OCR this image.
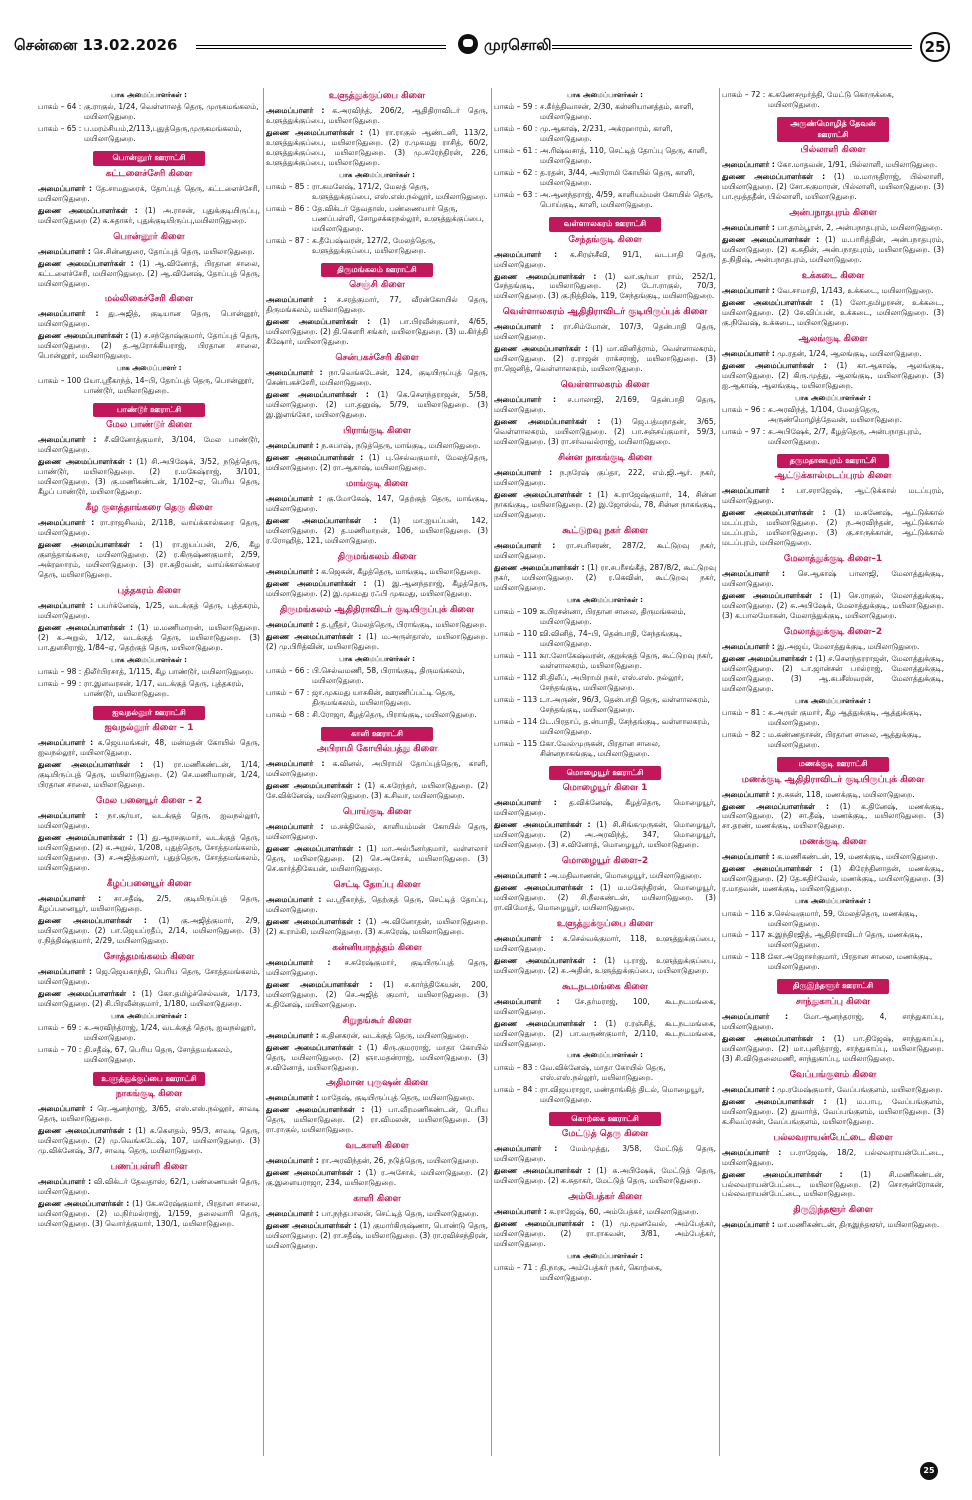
சென்னை 13.02.2026	முரசொலி	25
பாக அமைப்பாளர்கள் :
பாகம் – 64 : கு.ராகுல், 1/24, வெள்ளாலத் தெரு, முருகமங்கலம், மயிலாடுதுறை.
பாகம் – 65 : ப.மரம்சியம்,2/113,புதுத்தெரு,முருகமங்கலம், மயிலாடுதுறை.
பொன்னூர் ஊராட்சி
கட்டளைச்சேரி கிளை
அமைப்பாளர் : தே.சாமதுரைக், தோப்புத் தெரு, கட்டளைச்சேரி, மயிலாடுதுறை.
துணை அமைப்பாளர்கள் : (1) அ.ராசன், புதுக்குடியிருப்பு, மயிலாடுதுறை (2) க.சுதாகர், புதுக்குடியிருப்பு,மயிலாடுதுறை.
பொன்னூர் கிளை
அமைப்பாளர் : செ.சின்னதுரை, தோப்புத் தெரு, மயிலாடுதுறை.
துணை அமைப்பாளர்கள் : (1) ஆ.வினோத், பிரதான சாலை, கட்டளைச்சேரி, மயிலாடுதுறை. (2) ஆ.வினேஷ், தோப்புத் தெரு, மயிலாடுதுறை.
மல்லிகைச்சேரி கிளை
அமைப்பாளர் : து.அஜித், குடியான தெரு, பொன்னூர், மயிலாடுதுறை.
துணை அமைப்பாளர்கள் : (1) ச.சந்தோஷ்குமார், தோப்புத் தெரு, மயிலாடுதுறை. (2) த.ஆரோக்கியராஜ், பிரதான சாலை, பொன்னூர், மயிலாடுதுறை.
பாக அமைப்பாளர் :
பாகம் – 100 :
யோ.ஸ்ரீகாந்த், 14–பி, தோப்புத் தெரு, பொன்னூர், பாண்டூர், மயிலாடுதுறை.
பாண்டூர் ஊராட்சி
மேல பாண்டூர் கிளை
அமைப்பாளர் : சீ.வினோத்குமார், 3/104, மேல பாண்டூர், மயிலாடுதுறை.
துணை அமைப்பாளர்கள் : (1) சி.அபிஷேக், 3/52, நடுத்தெரு, பாண்டூர், மயிலாடுதுறை. (2) ர.மகேஷ்ராஜ், 3/101, மயிலாடுதுறை. (3) கு.மணிகண்டன், 1/102–ஏ, பெரிய தெரு, கீழப் பாண்டூர், மயிலாடுதுறை.
கீழ குளத்தாங்கரை தெரு கிளை
அமைப்பாளர் : ரா.ராஜசிவம், 2/118, வாய்க்கால்கரை தெரு, மயிலாடுதுறை.
துணை அமைப்பாளர்கள் : (1) ரா.ஐயப்பன், 2/6, கீழ குளத்தாங்கரை, மயிலாடுதுறை. (2) ர.கிருஷ்ணகுமார், 2/59, அக்ரஹாரம், மயிலாடுதுறை. (3) ரா.கதிரவன், வாய்க்கால்கரை தெரு, மயிலாடுதுறை.
புத்தகரம் கிளை
அமைப்பாளர் : பபர்க்னேஷ், 1/25, வடக்குத் தெரு, புத்தகரம், மயிலாடுதுறை.
துணை அமைப்பாளர்கள் : (1) ம.மணிமாறன், மயிலாடுதுறை. (2) சு.அறுல், 1/12, வடக்குத் தெரு, மயிலாடுதுறை. (3) பா.துளசிராஜ், 1/84–ஏ, தெற்குத் தெரு, மயிலாடுதுறை.
பாக அமைப்பாளர்கள் :
பாகம் – 98 : திலீர்பிரசாத், 1/115, கீழ பாண்டூர், மயிலாடுதுறை.
பாகம் – 99 : ரா.இளவரசன், 1/17, வடக்குத் தெரு, புத்தகரம், பாண்டூர், மயிலாடுதுறை.
ஐவநல்லூர் ஊராட்சி
ஐவநல்லூர் கிளை – 1
அமைப்பாளர் : க.ஜெயமங்கள், 48, மன்மதன் கோயில் தெரு, ஐவநல்லூர், மயிலாடுதுறை.
துணை அமைப்பாளர்கள் : (1) ரா.மணிகண்டன், 1/14, குடியிருப்புத் தெரு, மயிலாடுதுறை. (2) செ.மணிமாறன், 1/24, பிரதான சாலை, மயிலாடுதுறை.
மேல பனையூர் கிளை – 2
அமைப்பாளர் : நா.சூர்யா, வடக்குத் தெரு, ஐவநல்லூர், மயிலாடுதுறை.
துணை அமைப்பாளர்கள் : (1) து.ஆரசகுமார், வடக்குத் தெரு, மயிலாடுதுறை. (2) க.அறுல், 1/208, புதுத்தெரு, சோத்தமங்கலம், மயிலாடுதுறை. (3) ச.அஜித்குமார், புதுத்தெரு, சோத்தமங்கலம், மயிலாடுதுறை.
கீழப்பனையூர் கிளை
அமைப்பாளர் : சா.சதீஷ், 2/5, குடியிருப்புத் தெரு, கீழப்பனையூர், மயிலாடுதுறை.
துணை அமைப்பாளர்கள் : (1) கு.அஜித்குமார், 2/9, மயிலாடுதுறை. (2) பா.ஜெயப்ரதீப், 2/14, மயிலாடுதுறை. (3) ர.நித்திஷ்குமார், 2/29, மயிலாடுதுறை.
சோத்தமங்கலம் கிளை
அமைப்பாளர் : ஜெ.ஜெயகாந்தி, பெரிய தெரு, சோத்தமங்கலம், மயிலாடுதுறை.
துணை அமைப்பாளர்கள் : (1) கோ.தமிழ்ச்செல்வன், 1/173, மயிலாடுதுறை. (2) சி.பிரவீன்குமார், 1/180, மயிலாடுதுறை.
பாக அமைப்பாளர்கள் :
பாகம் – 69 : சு.அரவிந்த்ராஜ், 1/24, வடக்குத் தெரு, ஐவநல்லூர், மயிலாடுதுறை.
பாகம் – 70 : தி.சதீஷ், 67, பெரிய தெரு, சோத்தமங்கலம், மயிலாடுதுறை.
உளுத்துக்குப்பை ஊராட்சி
நாகங்குடி கிளை
அமைப்பாளர் : ரெ.ஆனந்ராஜ், 3/65, எஸ்.எஸ்.நல்லூர், சாவடி தெரு, மயிலாடுதுறை.
துணை அமைப்பாளர்கள் : (1) க.கௌதம், 95/3, சாவடி தெரு, மயிலாடுதுறை. (2) மு.வெங்கடேஷ், 107, மயிலாடுதுறை. (3) மு.விக்னேஷ், 3/7, சாவடி தெரு, மயிலாடுதுறை.
பணப்பள்ளி கிளை
அமைப்பாளர் : வி.விக்டர் தேவதாஸ், 62/1, பண்ணையன் தெரு, மயிலாடுதுறை.
துணை அமைப்பாளர்கள் : (1) கே.சுரேஷ்குமார், பிரதான சாலை, மயிலாடுதுறை. (2) ம.நிர்மல்ராஜ், 1/159, தலைவாரி தெரு, மயிலாடுதுறை. (3) வொர்த்குமார், 130/1, மயிலாடுதுறை.
உளுத்துக்குப்பை கிளை
அமைப்பாளர் : க.அரவிந்த், 206/2, ஆதிதிராவிடர் தெரு, உளுத்துக்குப்பை, மயிலாடுதுறை.
துணை அமைப்பாளர்கள் : (1) ரா.ராகுல் ஆண்டனி, 113/2, உளுத்துக்குப்பை, மயிலாடுதுறை. (2) ர.முகமது ராசித், 60/2, உளுத்துக்குப்பை, மயிலாடுதுறை. (3) மு.சுரேந்திரன், 226, உளுத்துக்குப்பை, மயிலாடுதுறை.
பாக அமைப்பாளர்கள் :
பாகம் – 85 : ரா.கமலேஷ், 171/2, மேலத் தெரு, உளுத்துக்குப்பை, எஸ்.எஸ்.நல்லூர், மயிலாடுதுறை.
பாகம் – 86 : தே.விக்டர் தேவதாஸ், பண்ணையார் தெரு, பணப்பள்ளி, சோழசக்கரநல்லூர், உளுத்துக்குப்பை, மயிலாடுதுறை.
பாகம் – 87 : க.தீபேஷ்வரன், 127/2, மேலத்தெரு, உளுத்துக்குப்பை, மயிலாடுதுறை.
திருமங்கலம் ஊராட்சி
செஞ்சி கிளை
அமைப்பாளர் : ச.சரத்குமார், 77, வீரன்கோயில் தெரு, திருமங்கலம், மயிலாடுதுறை.
துணை அமைப்பாளர்கள் : (1) பா.பிரவீன்குமார், 4/65, மயிலாடுதுறை. (2) தி.கௌரி சங்கர், மயிலாடுதுறை. (3) ம.கிர்த்தி கீஷோர், மயிலாடுதுறை.
சென்பகச்சேரி கிளை
அமைப்பாளர் : நா.வெங்கடேசன், 124, குடியிருப்புத் தெரு, செண்பகச்சேரி, மயிலாடுதுறை.
துணை அமைப்பாளர்கள் : (1) கெ.செளந்தராஜன், 5/58, மயிலாடுதுறை. (2) பா.தனுஷ், 5/79, மயிலாடுதுறை. (3) இ.இளங்கோ, மயிலாடுதுறை.
பிராங்குடி கிளை
அமைப்பாளர் : ந.சுபாஷ், நடுத்தெரு, மாங்குடி, மயிலாடுதுறை.
துணை அமைப்பாளர்கள் : (1) பு.செல்வகுமார், மேலத்தெரு, மயிலாடுதுறை. (2) ரா.ஆகாஷ், மயிலாடுதுறை.
மாங்குடி கிளை
அமைப்பாளர் : கு.மோகேஷ், 147, தெற்குத் தெரு, மாங்குடி, மயிலாடுதுறை.
துணை அமைப்பாளர்கள் : (1) மா.ஐயப்பன், 142, மயிலாடுதுறை. (2) த.மணிமாறன், 106, மயிலாடுதுறை. (3) ர.ரோஹித், 121, மயிலாடுதுறை.
திருமங்கலம் கிளை
அமைப்பாளர் : க.ஜெகன், கீழத்தெரு, மாங்குடி, மயிலாடுதுறை.
துணை அமைப்பாளர்கள் : (1) இ.ஆனந்தராஜ், கீழத்தெரு, மயிலாடுதுறை. (2) இ.முகமது ரஃபி முகமது, மயிலாடுதுறை.
திருமங்கலம் ஆதிதிராவிடர் குடியிருப்புக் கிளை
அமைப்பாளர் : த.ஸ்ரீதர், மேலத்தெரு, பிராங்குடி, மயிலாடுதுறை.
துணை அமைப்பாளர்கள் : (1) ம.அருள்தாஸ், மயிலாடுதுறை. (2) மு.பிரித்வின், மயிலாடுதுறை.
பாக அமைப்பாளர்கள் :
பாகம் – 66 : பி.செல்வமணி, 58, பிராங்குடி, திருமங்கலம், மயிலாடுதுறை.
பாகம் – 67 : ஜா.முகமது யாசகின், ஊரணிப்பட்டி தெரு, திருமங்கலம், மயிலாடுதுறை.
பாகம் – 68 : சி.ரோஜா, கீழத்தெரு, பிராங்குடி, மயிலாடுதுறை.
காளி ஊராட்சி
அபிராமி கோயில்பத்து கிளை
அமைப்பாளர் : க.வினல், அபிராமி தோப்புத்தெரு, காளி, மயிலாடுதுறை.
துணை அமைப்பாளர்கள் : (1) க.சுரேந்தர், மயிலாடுதுறை. (2) சே.விக்னேஷ், மயிலாடுதுறை. (3) க.சிவா, மயிலாடுதுறை.
பொய்குடி கிளை
அமைப்பாளர் : ம.சக்திவேல், காளியம்மன் கோயில் தெரு, மயிலாடுதுறை.
துணை அமைப்பாளர்கள் : (1) மா.அல்பீனர்குமார், வள்ளலார் தெரு, மயிலாடுதுறை. (2) செ.அசோக், மயிலாடுதுறை. (3) செ.கார்த்திகேயன், மயிலாடுதுறை.
செட்டி தோப்பு கிளை
அமைப்பாளர் : வ.ஸ்ரீகாந்த், தெற்குத் தெரு, செட்டித் தோப்பு, மயிலாடுதுறை.
துணை அமைப்பாளர்கள் : (1) அ.வினோதன், மயிலாடுதுறை. (2) க.ராம்கி, மயிலாடுதுறை. (3) சு.சுரேஷ், மயிலாடுதுறை.
கன்னியாநத்தம் கிளை
அமைப்பாளர் : ச.சுரேஷ்குமார், குடியிருப்புத் தெரு, மயிலாடுதுறை.
துணை அமைப்பாளர்கள் : (1) ச.கார்த்திகேயன், 200, மயிலாடுதுறை. (2) செ.அஜித் குமார், மயிலாடுதுறை. (3) க.தினேஷ், மயிலாடுதுறை.
சிறுநங்கூர் கிளை
அமைப்பாளர் : க.தினகரன், வடக்குத் தெரு, மயிலாடுதுறை.
துணை அமைப்பாளர்கள் : (1) கிரு.குமரராஜ், மாதா கோயில் தெரு, மயிலாடுதுறை. (2) ஞா.மதன்ராஜ், மயிலாடுதுறை. (3) ச.வினோத், மயிலாடுதுறை.
அதிமான புருஷன் கிளை
அமைப்பாளர் : மாதேஷ், குடியிருப்புத் தெரு, மயிலாடுதுறை.
துணை அமைப்பாளர்கள் : (1) பா.வீரமணிகண்டன், பெரிய தெரு, மயிலாடுதுறை. (2) ரா.விமலன், மயிலாடுதுறை. (3) ரா.ராகுல், மயிலாடுதுறை.
வடகாளி கிளை
அமைப்பாளர் : ரா.அரவிந்தன், 26, நடுத்தெரு, மயிலாடுதுறை.
துணை அமைப்பாளர்கள் : (1) ர.அசோக், மயிலாடுதுறை. (2) கு.இளையராஜா, 234, மயிலாடுதுறை.
காளி கிளை
அமைப்பாளர் : பா.நந்தபாலன், செட்டித் தெரு, மயிலாடுதுறை.
துணை அமைப்பாளர்கள் : (1) குமார்கிருஷ்ணா, பொண்டு தெரு, மயிலாடுதுறை. (2) ரா.சதீஷ், மயிலாடுதுறை. (3) ரா.ரவிச்சந்திரன், மயிலாடுதுறை.
பாக அமைப்பாளர்கள் :
பாகம் – 59 : ச.கீர்த்திவாசன், 2/30, கன்னியானத்தம், காளி, மயிலாடுதுறை.
பாகம் – 60 : மு.ஆகாஷ், 2/231, அக்ரஹாரம், காளி, மயிலாடுதுறை.
பாகம் – 61 : அ.ரிஷ்வசாத், 110, செட்டித் தோப்பு தெரு, காளி, மயிலாடுதுறை.
பாகம் – 62 : த.ரதன், 3/44, அபிராமி கோயில் தெரு, காளி, மயிலாடுதுறை.
பாகம் – 63 : அ.ஆனந்தராஜ், 4/59, காளியம்மன் கோயில் தெரு, பொய்குடி, காளி, மயிலாடுதுறை.
வள்ளாலகரம் ஊராட்சி
சேந்தங்குடி கிளை
அமைப்பாளர் : க.சிரஞ்சீவி, 91/1, வடபாதி தெரு, மயிலாடுதுறை.
துணை அமைப்பாளர்கள் : (1) வா.சூர்யா ராம், 252/1, சேந்தங்குடி, மயிலாடுதுறை. (2) டோ.ராகுல், 70/3, மயிலாடுதுறை. (3) கு.நித்திஷ், 119, சேந்தங்குடி, மயிலாடுதுறை.
வெள்ளாலகரம் ஆதிதிராவிடர் குடியிருப்புக் கிளை
அமைப்பாளர் : ரா.சிம்மோன், 107/3, தென்பாதி தெரு, மயிலாடுதுறை.
துணை அமைப்பாளர்கள் : (1) மா.வினித்ராம், வெள்ளாலகரம், மயிலாடுதுறை. (2) ர.ராஜன் ராக்சராஜ், மயிலாடுதுறை. (3) ரா.ஜெனித், வெள்ளாலகரம், மயிலாடுதுறை.
வெள்ளாலகரம் கிளை
அமைப்பாளர் : ச.பாலாஜி, 2/169, தென்பாதி தெரு, மயிலாடுதுறை.
துணை அமைப்பாளர்கள் : (1) ஜெ.பத்மநாதன், 3/65, வெள்ளாலகரம், மயிலாடுதுறை. (2) பா.சஞ்சய்குமார், 59/3, மயிலாடுதுறை. (3) ரா.சர்வவல்ராஜ், மயிலாடுதுறை.
சின்ன நாகங்குடி கிளை
அமைப்பாளர் : ந.நரேஷ் குப்தா, 222, எம்.ஜி.ஆர். நகர், மயிலாடுதுறை.
துணை அமைப்பாளர்கள் : (1) க.ராஜேஷ்குமார், 14, சின்ன நாகங்குடி, மயிலாடுதுறை. (2) இ.ஜோஸ்வ், 78, சின்ன நாகங்குடி, மயிலாடுதுறை.
கூட்டுறவு நகர் கிளை
அமைப்பாளர் : ரா.சபரிசரண், 287/2, கூட்டுறவு நகர், மயிலாடுதுறை.
துணை அமைப்பாளர்கள் : (1) ரா.சபரீசங்கீத், 287/8/2, கூட்டுறவு நகர், மயிலாடுதுறை. (2) ர.கெவின், கூட்டுறவு நகர், மயிலாடுதுறை.
பாக அமைப்பாளர்கள் :
பாகம் – 109 :
க.பிரசன்னா, பிரதான சாலை, திருமங்கலம், மயிலாடுதுறை.
பாகம் – 110 :
வி.வினித், 74–பி, தென்பாதி, சேந்தங்குடி, மயிலாடுதுறை.
பாகம் – 111 :
கா.லோகேஷ்வரன், குறுக்குத் தெரு, கூட்டுறவு நகர், வள்ளாலகரம், மயிலாடுதுறை.
பாகம் – 112 :
சி.திலீப், அபிராமி நகர், எஸ்.எஸ். நல்லூர், சேந்தங்குடி, மயிலாடுதுறை.
பாகம் – 113 :
டா.அருண், 96/3, தென்பாதி தெரு, வள்ளாலகரம், சேந்தங்குடி, மயிலாடுதுறை.
பாகம் – 114 :
டே.பிரதாப், த.ன்பாதி, சேந்தங்குடி, வள்ளாலகரம், மயிலாடுதுறை.
பாகம் – 115 :
கோ.வேல்முருகன், பிரதான சாலை, சின்னநாகங்குடி, மயிலாடுதுறை.
மொழையூர் ஊராட்சி
மொழையூர் கிளை 1
அமைப்பாளர் : த.விக்னேஷ், கீழத்தெரு, மொழையூர், மயிலாடுதுறை.
துணை அமைப்பாளர்கள் : (1) சி.சிங்கமுருகன், மொழையூர், மயிலாடுதுறை. (2) அ.அரவிந்த், 347, மொழையூர், மயிலாடுதுறை. (3) ச.வினோத், மொழையூர், மயிலாடுதுறை.
மொழையூர் கிளை–2
அமைப்பாளர் : அ.மதிவாணன், மொழையூர், மயிலாடுதுறை.
துணை அமைப்பாளர்கள் : (1) ம.மகேந்திரன், மொழையூர், மயிலாடுதுறை. (2) சி.நீலகண்டன், மயிலாடுதுறை. (3) ரா.விமோத், மொழையூர், மயிலாடுதுறை.
உளுத்துக்குப்பை கிளை
அமைப்பாளர் : க.செல்வக்குமார், 118, உளுத்துக்குப்பை, மயிலாடுதுறை.
துணை அமைப்பாளர்கள் : (1) பு.ராஜ், உளுத்துக்குப்பை, மயிலாடுதுறை. (2) சு.அதின், உளுத்துக்குப்பை, மயிலாடுதுறை.
கூடநடமங்கை கிளை
அமைப்பாளர் : சே.தர்மராஜ், 100, கூடநடமங்கை, மயிலாடுதுறை.
துணை அமைப்பாளர்கள் : (1) ர.ரஞ்சித், கூடநடமங்கை, மயிலாடுதுறை. (2) பா.வருண்குமார், 2/110, கூடநடமங்கை, மயிலாடுதுறை.
பாக அமைப்பாளர்கள் :
பாகம் – 83 : வே.விக்னேஷ், மாதா கோயில் தெரு, எஸ்.எஸ்.நல்லூர், மயிலாடுதுறை.
பாகம் – 84 : ரா.விஜயராஜா, மண்தாங்கித் திடல், மொழையூர், மயிலாடுதுறை.
கொற்கை ஊராட்சி
மேட்டுத் தெரு கிளை
அமைப்பாளர் : மேம்முத்து, 3/58, மேட்டுத் தெரு, மயிலாடுதுறை.
துணை அமைப்பாளர்கள் : (1) சு.அபிஷேக், மேட்டுத் தெரு, மயிலாடுதுறை. (2) சு.சுதாகர், மேட்டுத் தெரு, மயிலாடுதுறை.
அம்பேத்கர் கிளை
அமைப்பாளர் : க.ராஜேஷ், 60, அம்பேத்கர், மயிலாடுதுறை.
துணை அமைப்பாளர்கள் : (1) மு.மூனவேல், அம்பேத்கர், மயிலாடுதுறை. (2) ரா.ராகவன், 3/81, அம்பேத்கர், மயிலாடுதுறை.
பாக அமைப்பாளர்கள் :
பாகம் – 71 : தி.நாகு, அம்பேத்கர் நகர், கொற்கை, மயிலாடுதுறை.
பாகம் – 72 : க.கணேசமூர்த்தி, மேட்டு கொருக்கை, மயிலாடுதுறை.
அருண்மொழித் தேவன் ஊராட்சி
பில்லாளி கிளை
அமைப்பாளர் : கோ.மாதவன், 1/91, பில்லாளி, மயிலாடுதுறை.
துணை அமைப்பாளர்கள் : (1) ம.மாருதிராஜ், பில்லாளி, மயிலாடுதுறை. (2) சோ.சுகுமாரன், பில்லாளி, மயிலாடுதுறை. (3) பா.மூத்ததீன், பில்லாளி, மயிலாடுதுறை.
அன்பநாதபுரம் கிளை
அமைப்பாளர் : பா.தாம்பூரன், 2, அன்பநாதபுரம், மயிலாடுதுறை.
துணை அமைப்பாளர்கள் : (1) ம.பாரித்தின், அன்பநாதபுரம், மயிலாடுதுறை. (2) க.கதின், அன்பநாதபுரம், மயிலாடுதுறை. (3) த.நிதிஷ், அன்பநாதபுரம், மயிலாடுதுறை.
உக்கடை கிளை
அமைப்பாளர் : வே.சாமாதி, 1/143, உக்கடை, மயிலாடுதுறை.
துணை அமைப்பாளர்கள் : (1) லோ.தமிழரசன், உக்கடை, மயிலாடுதுறை. (2) சே.விப்பன், உக்கடை, மயிலாடுதுறை. (3) கு.நிவேஷ், உக்கடை, மயிலாடுதுறை.
ஆலங்குடி கிளை
அமைப்பாளர் : மு.ரதன், 1/24, ஆலங்குடி, மயிலாடுதுறை.
துணை அமைப்பாளர்கள் : (1) கா.ஆகாஷ், ஆலங்குடி, மயிலாடுதுறை. (2) கிரு.முத்து, ஆலங்குடி, மயிலாடுதுறை. (3) ஐ.ஆகாஷ், ஆலங்குடி, மயிலாடுதுறை.
பாக அமைப்பாளர்கள் :
பாகம் – 96 : சு.அரவிந்த், 1/104, மேலத்தெரு, அருண்மொழித்தேவன், மயிலாடுதுறை.
பாகம் – 97 : சு.அபிஷேக், 2/7, கீழத்தெரு, அன்பநாதபுரம், மயிலாடுதுறை.
தருமதானபுரம் ஊராட்சி
ஆட்டுக்கால்மடப்புரம் கிளை
அமைப்பாளர் : பா.சராஜேஷ், ஆட்டுக்கால் மடப்புரம், மயிலாடுதுறை.
துணை அமைப்பாளர்கள் : (1) ம.கணேஷ், ஆட்டுக்கால் மடப்புரம், மயிலாடுதுறை. (2) ந.அரவிந்தன், ஆட்டுக்கால் மடப்புரம், மயிலாடுதுறை. (3) கு.சாருக்கான், ஆட்டுக்கால் மடப்புரம், மயிலாடுதுறை.
மேலாத்துக்குடி கிளை–1
அமைப்பாளர் : செ.ஆகாஷ் பாலாஜி, மேலாத்துக்குடி, மயிலாடுதுறை.
துணை அமைப்பாளர்கள் : (1) செ.ராகுல், மேலாத்துக்குடி, மயிலாடுதுறை. (2) சு.அபிஷேக், மேலாத்துக்குடி, மயிலாடுதுறை. (3) க.பாலமோகன், மேலாத்துக்குடி, மயிலாடுதுறை.
மேலாத்துக்குடி கிளை–2
அமைப்பாளர் : இ.அஜய், மேலாத்துக்குடி, மயிலாடுதுறை.
துணை அமைப்பாளர்கள் : (1) ச.சௌந்தரராஜன், மேலாத்துக்குடி, மயிலாடுதுறை. (2) டா.ஜான்சன் பால்ராஜ், மேலாத்துக்குடி, மயிலாடுதுறை. (3) ஆ.சுபசீஸ்வரன், மேலாத்துக்குடி, மயிலாடுதுறை.
பாக அமைப்பாளர்கள் :
பாகம் – 81 : சு.அருள் குமார், கீழ ஆத்துக்குடி, ஆத்துக்குடி, மயிலாடுதுறை.
பாகம் – 82 : ம.கண்ணதாசன், பிரதான சாலை, ஆத்துக்குடி, மயிலாடுதுறை.
மணக்குடி ஊராட்சி
மணக்குடி ஆதிதிராவிடர் குடியிருப்புக் கிளை
அமைப்பாளர் : ந.சுகன், 118, மணக்குடி, மயிலாடுதுறை.
துணை அமைப்பாளர்கள் : (1) க.தினேஷ், மணக்குடி, மயிலாடுதுறை. (2) சா.தீஷ், மணக்குடி, மயிலாடுதுறை. (3) சா.தரண், மணக்குடி, மயிலாடுதுறை.
மணக்குடி கிளை
அமைப்பாளர் : க.மணிகண்டன், 19, மணக்குடி, மயிலாடுதுறை.
துணை அமைப்பாளர்கள் : (1) கிரேந்தினாதன், மணக்குடி, மயிலாடுதுறை. (2) தே.கதிர்வேல், மணக்குடி, மயிலாடுதுறை. (3) ர.மாதவன், மணக்குடி, மயிலாடுதுறை.
பாக அமைப்பாளர்கள் :
பாகம் – 116 :
ச.செல்வகுமார், 59, மேலத்தெரு, மணக்குடி, மயிலாடுதுறை.
பாகம் – 117 :
க.இந்திரஜித், ஆதிதிராவிடர் தெரு, மணக்குடி, மயிலாடுதுறை.
பாகம் – 118 :
கோ.அஜோசர்குமார், பிரதான சாலை, மணக்குடி, மயிலாடுதுறை.
திருஇந்தளூர் ஊராட்சி
சாந்துகாப்பு கிளை
அமைப்பாளர் : மோ.ஆனந்தராஜ், 4, சாந்துகாப்பு, மயிலாடுதுறை.
துணை அமைப்பாளர்கள் : (1) பா.திஜேஷ், சாந்துகாப்பு, மயிலாடுதுறை. (2) மா.புனித்ராஜ், சாந்துகாப்பு, மயிலாடுதுறை. (3) சி.விடுதலைமணி, சாந்துகாப்பு, மயிலாடுதுறை.
வேப்பங்குளம் கிளை
அமைப்பாளர் : மு.ரமேஷ்குமார், வேப்பங்குளம், மயிலாடுதுறை.
துணை அமைப்பாளர்கள் : (1) ம.பாபு, வேப்பங்குளம், மயிலாடுதுறை. (2) துவார்த், வேப்பங்குளம், மயிலாடுதுறை. (3) க.சிவப்ரசன், வேப்பங்குளம், மயிலாடுதுறை.
பல்லவராயன்பேட்டை கிளை
அமைப்பாளர் : ப.ராஜேஷ், 18/2, பல்லவராயன்பேட்டை, மயிலாடுதுறை.
துணை அமைப்பாளர்கள் : (1) சி.மணிகண்டன், பல்லவராயன்பேட்டை, மயிலாடுதுறை. (2) சொரூன்ரோகன், பல்லவராயன்பேட்டை, மயிலாடுதுறை.
திருஇந்தளூர் கிளை
அமைப்பாளர் : மா.மணிகண்டன், திருஇந்தளூர், மயிலாடுதுறை.
25
